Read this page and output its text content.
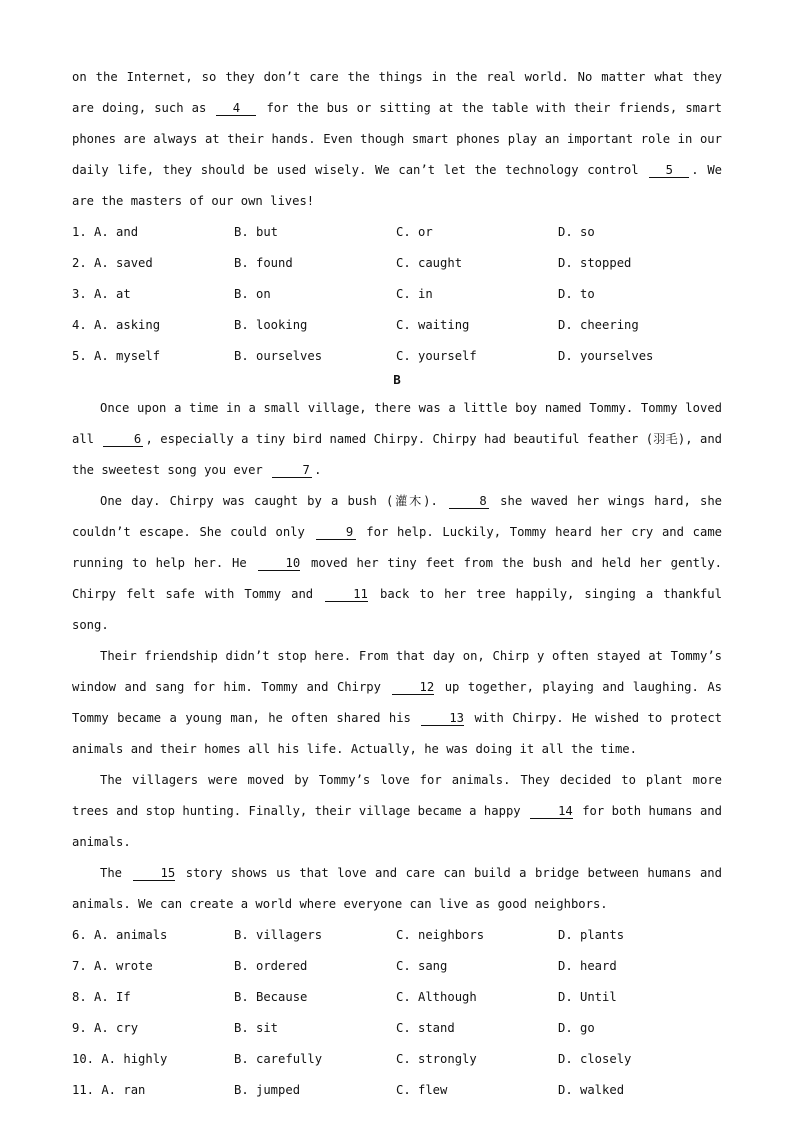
on the Internet, so they don’t care the things in the real world. No matter what they are doing, such as 4 for the bus or sitting at the table with their friends, smart phones are always at their hands. Even though smart phones play an important role in our daily life, they should be used wisely. We can’t let the technology control 5 . We are the masters of our own lives!

1. A. and	B. but	C. or	D. so
2. A. saved	B. found	C. caught	D. stopped
3. A. at	B. on	C. in	D. to
4. A. asking	B. looking	C. waiting	D. cheering
5. A. myself	B. ourselves	C. yourself	D. yourselves
B

Once upon a time in a small village, there was a little boy named Tommy. Tommy loved all	6 , especially a tiny bird named Chirpy. Chirpy had beautiful feather (羽毛), and the sweetest song you ever	7 .

One day. Chirpy was caught by a bush (灌木).	8 she waved her wings hard, she couldn’t escape. She could only	9 for help. Luckily, Tommy heard her cry and came running to help her. He	10 moved her tiny feet from the bush and held her gently. Chirpy felt safe with Tommy and	11 back to her tree happily, singing a thankful song.

Their friendship didn’t stop here. From that day on, Chirp y often stayed at Tommy’s window and sang for him. Tommy and Chirpy	12 up together, playing and laughing. As Tommy became a young man, he often shared his	13 with Chirpy. He wished to protect animals and their homes all his life. Actually, he was doing it all the time.

The villagers were moved by Tommy’s love for animals. They decided to plant more trees and stop hunting. Finally, their village became a happy	14 for both humans and animals.

The	15 story shows us that love and care can build a bridge between humans and animals. We can create a world where everyone can live as good neighbors.

6. A. animals	B. villagers	C. neighbors	D. plants
7. A. wrote	B. ordered	C. sang	D. heard
8. A. If	B. Because	C. Although	D. Until
9. A. cry	B. sit	C. stand	D. go
10. A. highly	B. carefully	C. strongly	D. closely
11. A. ran	B. jumped	C. flew	D. walked
